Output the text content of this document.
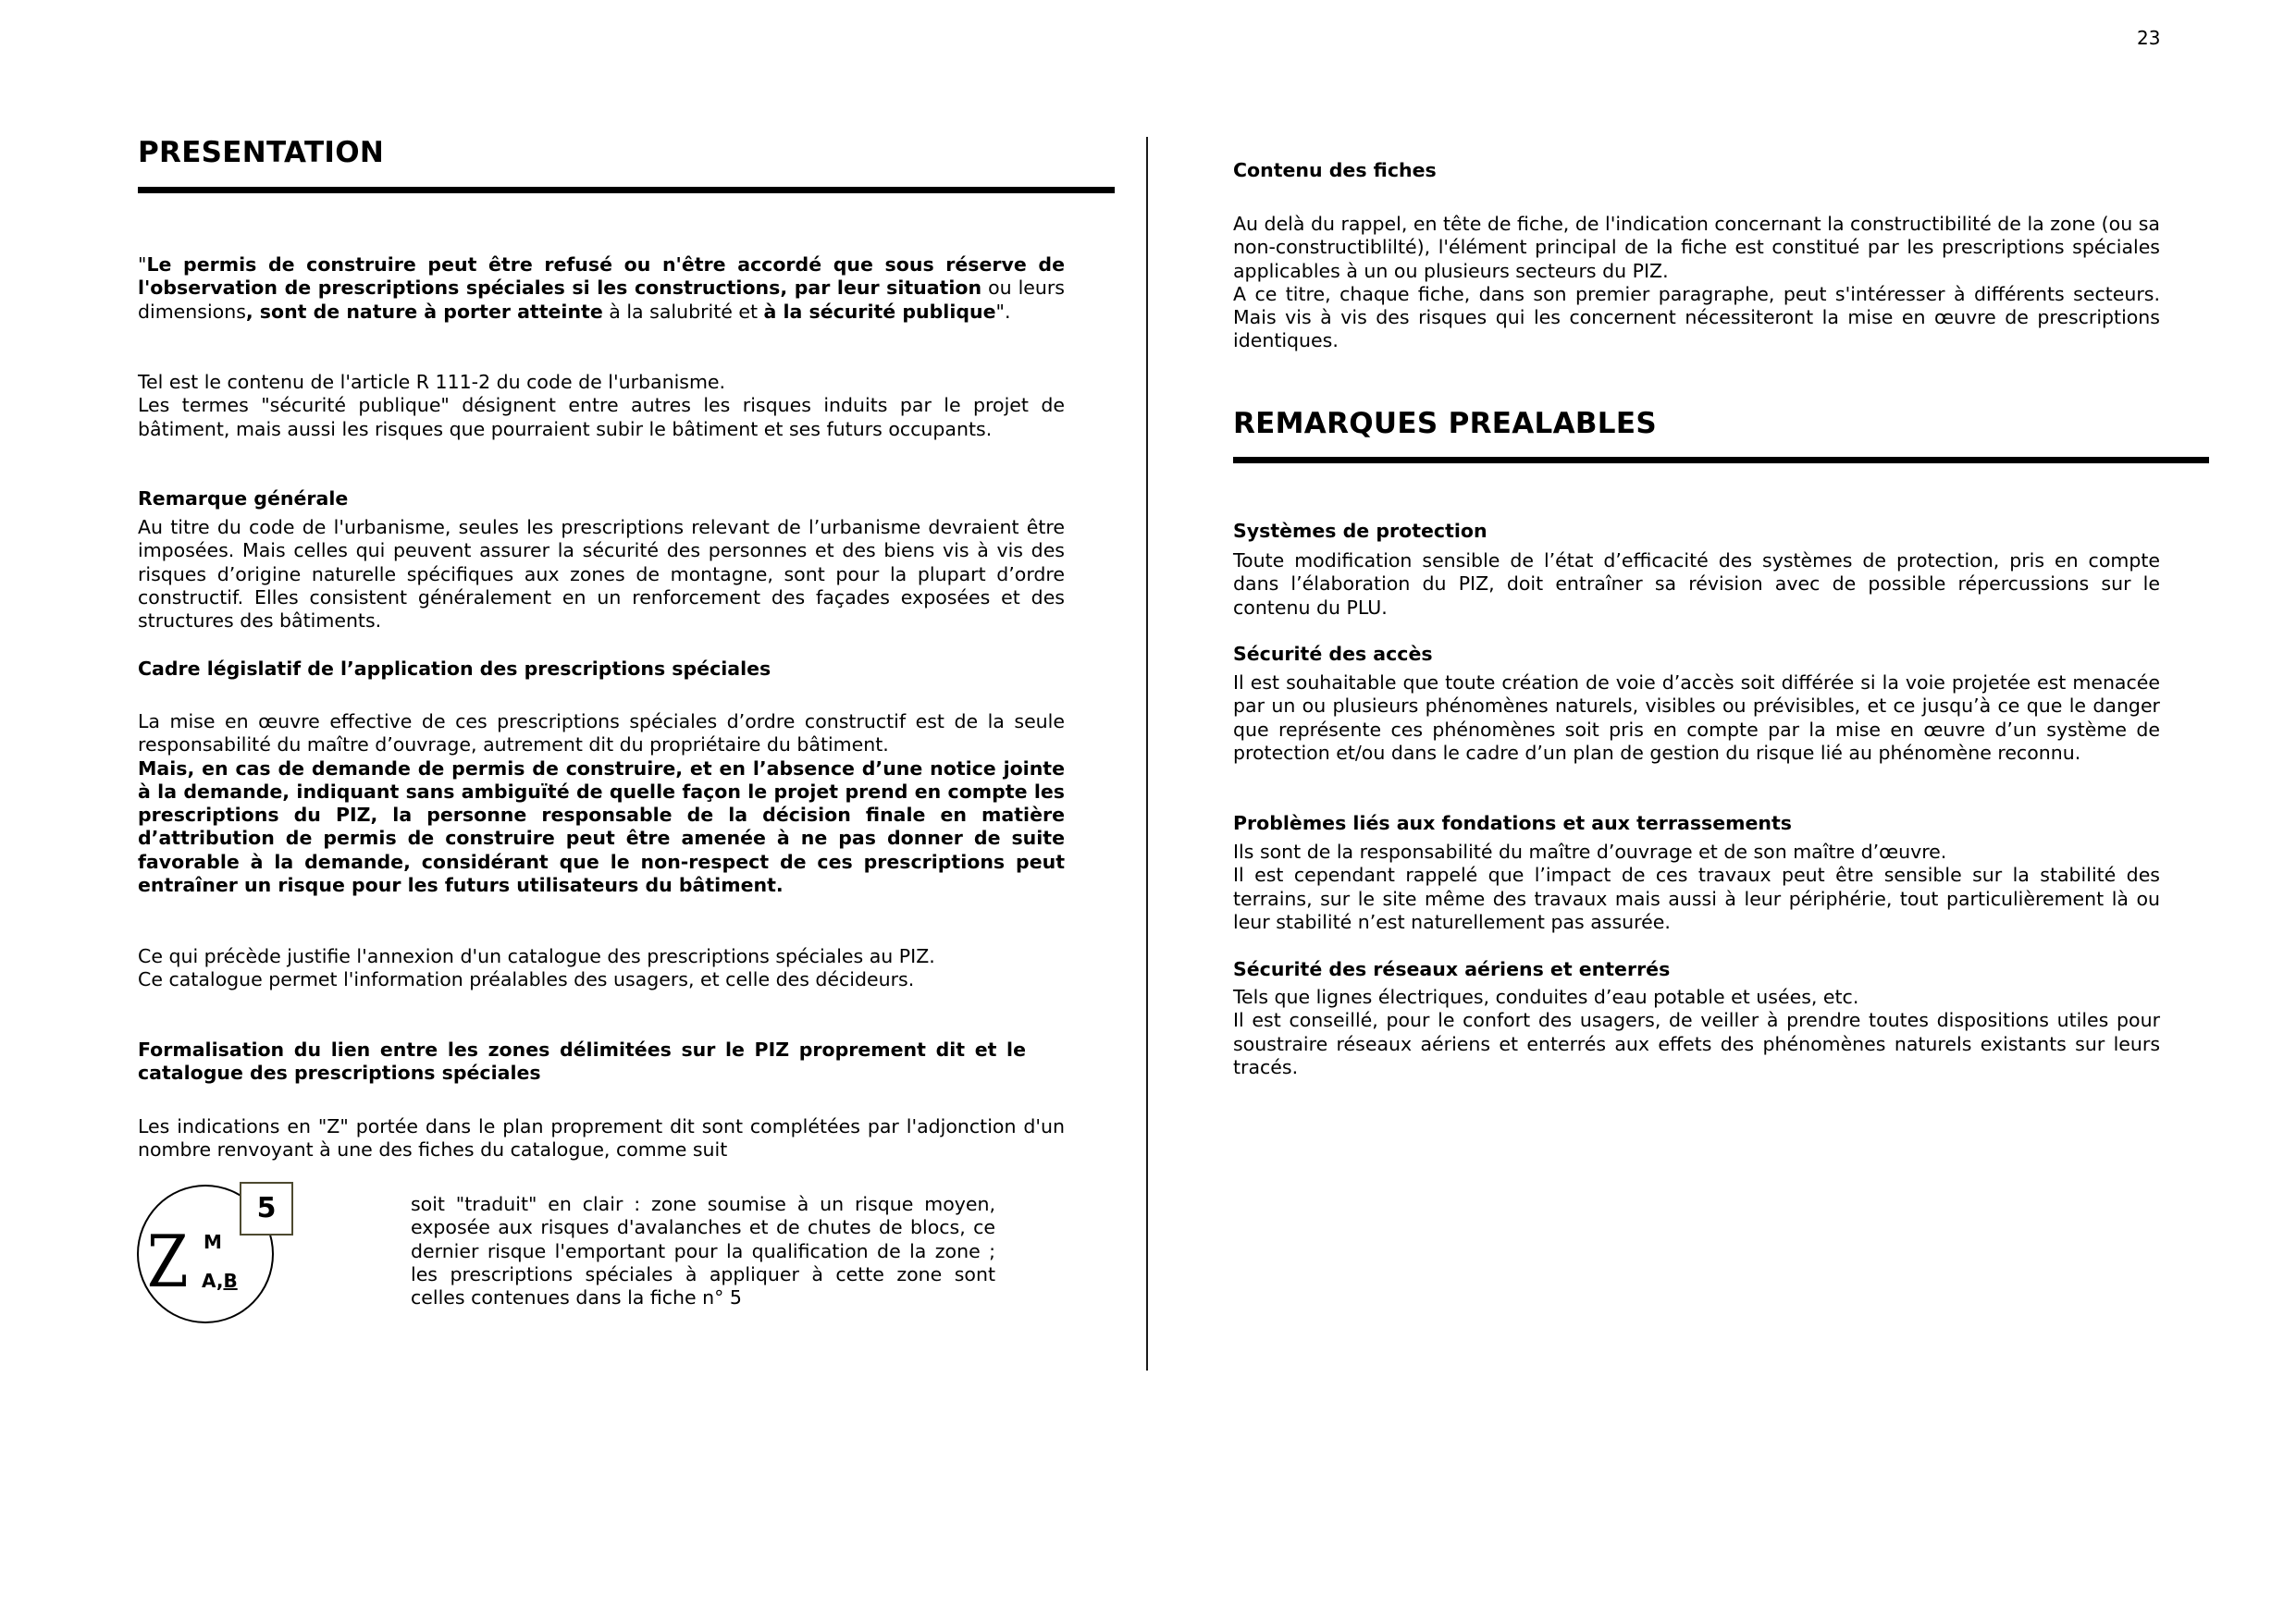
23
PRESENTATION

"Le permis de construire peut être refusé ou n'être accordé que sous réserve de l'observation de prescriptions spéciales si les constructions, par leur situation ou leurs dimensions, sont de nature à porter atteinte à la salubrité et à la sécurité publique".

Tel est le contenu de l'article R 111-2 du code de l'urbanisme.

Les termes "sécurité publique" désignent entre autres les risques induits par le projet de bâtiment, mais aussi les risques que pourraient subir le bâtiment et ses futurs occupants.

Remarque générale

Au titre du code de l'urbanisme, seules les prescriptions relevant de l’urbanisme devraient être imposées. Mais celles qui peuvent assurer la sécurité des personnes et des biens vis à vis des risques d’origine naturelle spécifiques aux zones de montagne, sont pour la plupart d’ordre constructif. Elles consistent généralement en un renforcement des façades exposées et des structures des bâtiments.

Cadre législatif de l’application des prescriptions spéciales

La mise en œuvre effective de ces prescriptions spéciales d’ordre constructif est de la seule responsabilité du maître d’ouvrage, autrement dit du propriétaire du bâtiment.

Mais, en cas de demande de permis de construire, et en l’absence d’une notice jointe à la demande, indiquant sans ambiguïté de quelle façon le projet prend en compte les prescriptions du PIZ, la personne responsable de la décision finale en matière d’attribution de permis de construire peut être amenée à ne pas donner de suite favorable à la demande, considérant que le non-respect de ces prescriptions peut entraîner un risque pour les futurs utilisateurs du bâtiment.

Ce qui précède justifie l'annexion d'un catalogue des prescriptions spéciales au PIZ.

Ce catalogue permet l'information préalables des usagers, et celle des décideurs.

Formalisation du lien entre les zones délimitées sur le PIZ proprement dit et le catalogue des prescriptions spéciales

Les indications en "Z" portée dans le plan proprement dit sont complétées par l'adjonction d'un nombre renvoyant à une des fiches du catalogue, comme suit

Z M
A,B
5	soit "traduit" en clair : zone soumise à un risque moyen, exposée aux risques d'avalanches et de chutes de blocs, ce dernier risque l'emportant pour la qualification de la zone ; les prescriptions spéciales à appliquer à cette zone sont celles contenues dans la fiche n° 5

Contenu des fiches

Au delà du rappel, en tête de fiche, de l'indication concernant la constructibilité de la zone (ou sa non-constructiblilté), l'élément principal de la fiche est constitué par les prescriptions spéciales applicables à un ou plusieurs secteurs du PIZ.

A ce titre, chaque fiche, dans son premier paragraphe, peut s'intéresser à différents secteurs. Mais vis à vis des risques qui les concernent nécessiteront la mise en œuvre de prescriptions identiques.

REMARQUES PREALABLES
Systèmes de protection

Toute modification sensible de l’état d’efficacité des systèmes de protection, pris en compte dans l’élaboration du PIZ, doit entraîner sa révision avec de possible répercussions sur le contenu du PLU.

Sécurité des accès

Il est souhaitable que toute création de voie d’accès soit différée si la voie projetée est menacée par un ou plusieurs phénomènes naturels, visibles ou prévisibles, et ce jusqu’à ce que le danger que représente ces phénomènes soit pris en compte par la mise en œuvre d’un système de protection et/ou dans le cadre d’un plan de gestion du risque lié au phénomène reconnu.

Problèmes liés aux fondations et aux terrassements

Ils sont de la responsabilité du maître d’ouvrage et de son maître d’œuvre.

Il est cependant rappelé que l’impact de ces travaux peut être sensible sur la stabilité des terrains, sur le site même des travaux mais aussi à leur périphérie, tout particulièrement là ou leur stabilité n’est naturellement pas assurée.

Sécurité des réseaux aériens et enterrés

Tels que lignes électriques, conduites d’eau potable et usées, etc.

Il est conseillé, pour le confort des usagers, de veiller à prendre toutes dispositions utiles pour soustraire réseaux aériens et enterrés aux effets des phénomènes naturels existants sur leurs tracés.
